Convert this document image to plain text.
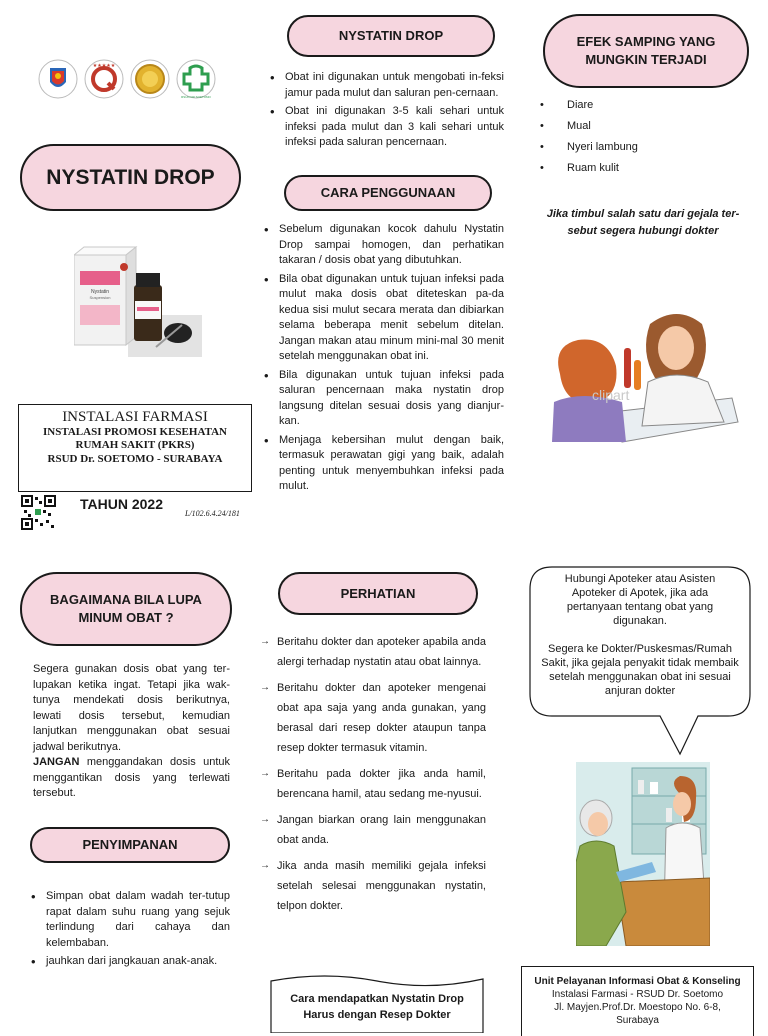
★★★★★
RSUD DR SOETOMO
NYSTATIN DROP
Nystatin
Suspension
INSTALASI FARMASI
INSTALASI PROMOSI KESEHATAN
RUMAH SAKIT (PKRS)
RSUD Dr. SOETOMO - SURABAYA
TAHUN 2022
L/102.6.4.24/181
NYSTATIN DROP
• Obat ini digunakan untuk mengobati in-feksi jamur pada mulut dan saluran pen-cernaan.
• Obat ini digunakan 3-5 kali sehari untuk infeksi pada mulut dan 3 kali sehari untuk infeksi pada saluran pencernaan.
CARA PENGGUNAAN
• Sebelum digunakan kocok dahulu Nystatin Drop sampai homogen, dan perhatikan takaran / dosis obat yang dibutuhkan.
• Bila obat digunakan untuk tujuan infeksi pada mulut maka dosis obat diteteskan pa-da kedua sisi mulut secara merata dan dibiarkan selama beberapa menit sebelum ditelan. Jangan makan atau minum mini-mal 30 menit setelah menggunakan obat ini.
• Bila digunakan untuk tujuan infeksi pada saluran pencernaan maka nystatin drop langsung ditelan sesuai dosis yang dianjur-kan.
• Menjaga kebersihan mulut dengan baik, termasuk perawatan gigi yang baik, adalah penting untuk menyembuhkan infeksi pada mulut.
EFEK SAMPING YANG MUNGKIN TERJADI
• Diare
• Mual
• Nyeri lambung
• Ruam kulit
Jika timbul salah satu dari gejala ter-sebut segera hubungi dokter
clipart
BAGAIMANA BILA LUPA MINUM OBAT ?
Segera gunakan dosis obat yang ter-lupakan ketika ingat. Tetapi jika wak-tunya mendekati dosis berikutnya, lewati dosis tersebut, kemudian lanjutkan menggunakan obat sesuai jadwal berikutnya.
JANGAN menggandakan dosis untuk menggantikan dosis yang terlewati tersebut.
PENYIMPANAN
• Simpan obat dalam wadah ter-tutup rapat dalam suhu ruang yang sejuk terlindung dari cahaya dan kelembaban.
• jauhkan dari jangkauan anak-anak.
PERHATIAN
→ Beritahu dokter dan apoteker apabila anda alergi terhadap nystatin atau obat lainnya.
→ Beritahu dokter dan apoteker mengenai obat apa saja yang anda gunakan, yang berasal dari resep dokter ataupun tanpa resep dokter termasuk vitamin.
→ Beritahu pada dokter jika anda hamil, berencana hamil, atau sedang me-nyusui.
→ Jangan biarkan orang lain menggunakan obat anda.
→ Jika anda masih memiliki gejala infeksi setelah selesai menggunakan nystatin, telpon dokter.
Cara mendapatkan Nystatin Drop
Harus dengan Resep Dokter
Hubungi Apoteker atau Asisten Apoteker di Apotek, jika ada pertanyaan tentang obat yang digunakan.
Segera ke Dokter/Puskesmas/Rumah Sakit, jika gejala penyakit tidak membaik setelah menggunakan obat ini sesuai anjuran dokter
Unit Pelayanan Informasi Obat & Konseling
Instalasi Farmasi - RSUD Dr. Soetomo
Jl. Mayjen.Prof.Dr. Moestopo No. 6-8,
Surabaya
